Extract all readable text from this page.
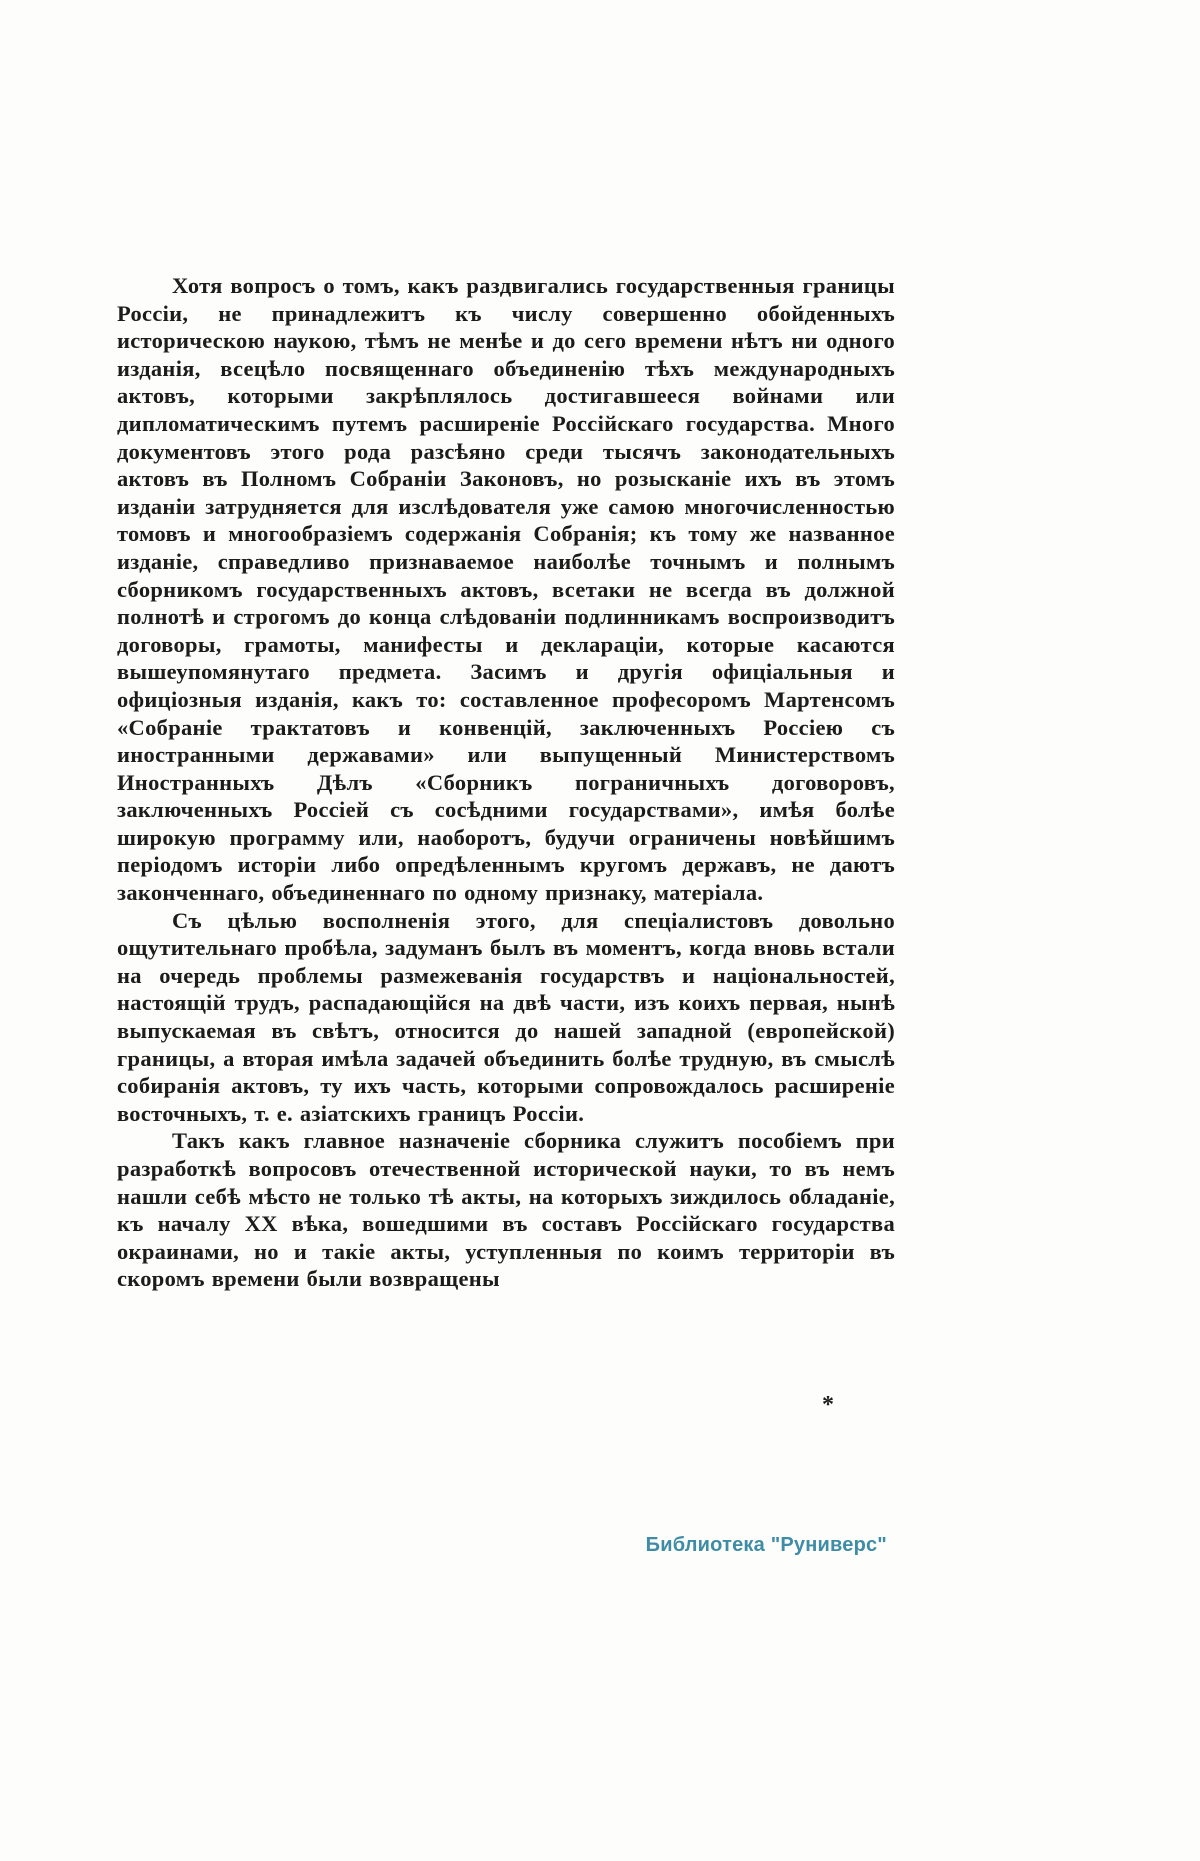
Хотя вопросъ о томъ, какъ раздвигались государственныя границы Россіи, не принадлежитъ къ числу совершенно обойденныхъ историческою наукою, тѣмъ не менѣе и до сего времени нѣтъ ни одного изданія, всецѣло посвященнаго объединенію тѣхъ международныхъ актовъ, которыми закрѣплялось достигавшееся войнами или дипломатическимъ путемъ расширеніе Россійскаго государства. Много документовъ этого рода разсѣяно среди тысячъ законодательныхъ актовъ въ Полномъ Собраніи Законовъ, но розысканіе ихъ въ этомъ изданіи затрудняется для изслѣдователя уже самою многочисленностью томовъ и многообразіемъ содержанія Собранія; къ тому же названное изданіе, справедливо признаваемое наиболѣе точнымъ и полнымъ сборникомъ государственныхъ актовъ, всетаки не всегда въ должной полнотѣ и строгомъ до конца слѣдованіи подлинникамъ воспроизводитъ договоры, грамоты, манифесты и деклараціи, которые касаются вышеупомянутаго предмета. Засимъ и другія офиціальныя и офиціозныя изданія, какъ то: составленное професоромъ Мартенсомъ «Собраніе трактатовъ и конвенцій, заключенныхъ Россіею съ иностранными державами» или выпущенный Министерствомъ Иностранныхъ Дѣлъ «Сборникъ пограничныхъ договоровъ, заключенныхъ Россіей съ сосѣдними государствами», имѣя болѣе широкую программу или, наоборотъ, будучи ограничены новѣйшимъ періодомъ исторіи либо опредѣленнымъ кругомъ державъ, не даютъ законченнаго, объединеннаго по одному признаку, матеріала.

Съ цѣлью восполненія этого, для спеціалистовъ довольно ощутительнаго пробѣла, задуманъ былъ въ моментъ, когда вновь встали на очередь проблемы размежеванія государствъ и національностей, настоящій трудъ, распадающійся на двѣ части, изъ коихъ первая, нынѣ выпускаемая въ свѣтъ, относится до нашей западной (европейской) границы, а вторая имѣла задачей объединить болѣе трудную, въ смыслѣ собиранія актовъ, ту ихъ часть, которыми сопровождалось расширеніе восточныхъ, т. е. азіатскихъ границъ Россіи.

Такъ какъ главное назначеніе сборника служитъ пособіемъ при разработкѣ вопросовъ отечественной исторической науки, то въ немъ нашли себѣ мѣсто не только тѣ акты, на которыхъ зиждилось обладаніе, къ началу XX вѣка, вошедшими въ составъ Россійскаго государства окраинами, но и такіе акты, уступленныя по коимъ территоріи въ скоромъ времени были возвращены

*
Библиотека "Руниверс"
